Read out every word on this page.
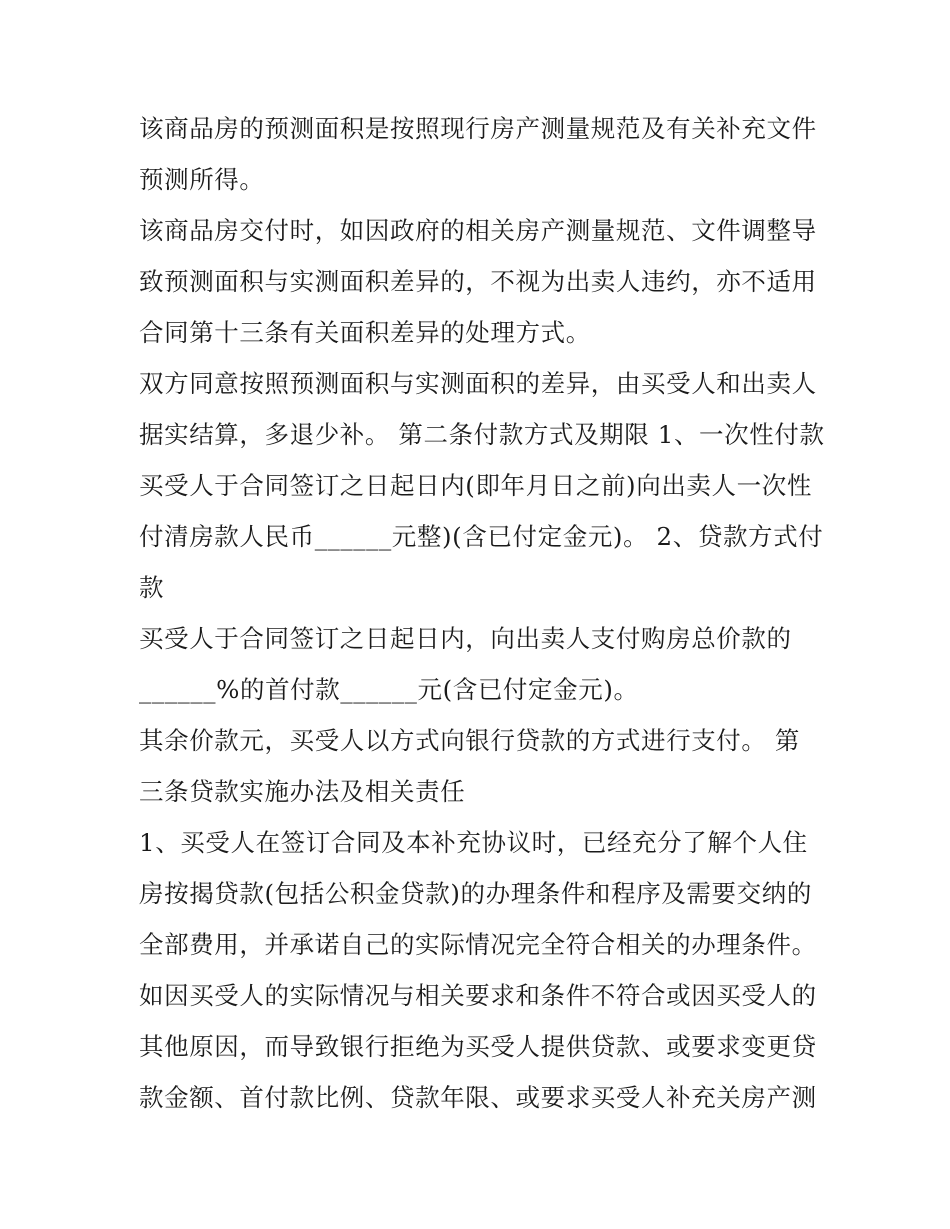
该商品房的预测面积是按照现行房产测量规范及有关补充文件
预测所得。
该商品房交付时，如因政府的相关房产测量规范、文件调整导
致预测面积与实测面积差异的，不视为出卖人违约，亦不适用
合同第十三条有关面积差异的处理方式。
双方同意按照预测面积与实测面积的差异，由买受人和出卖人
据实结算，多退少补。 第二条付款方式及期限 1、一次性付款
买受人于合同签订之日起日内(即年月日之前)向出卖人一次性
付清房款人民币______元整)(含已付定金元)。 2、贷款方式付
款
买受人于合同签订之日起日内，向出卖人支付购房总价款的
______%的首付款______元(含已付定金元)。
其余价款元，买受人以方式向银行贷款的方式进行支付。 第
三条贷款实施办法及相关责任
1、买受人在签订合同及本补充协议时，已经充分了解个人住
房按揭贷款(包括公积金贷款)的办理条件和程序及需要交纳的
全部费用，并承诺自己的实际情况完全符合相关的办理条件。
如因买受人的实际情况与相关要求和条件不符合或因买受人的
其他原因，而导致银行拒绝为买受人提供贷款、或要求变更贷
款金额、首付款比例、贷款年限、或要求买受人补充关房产测
